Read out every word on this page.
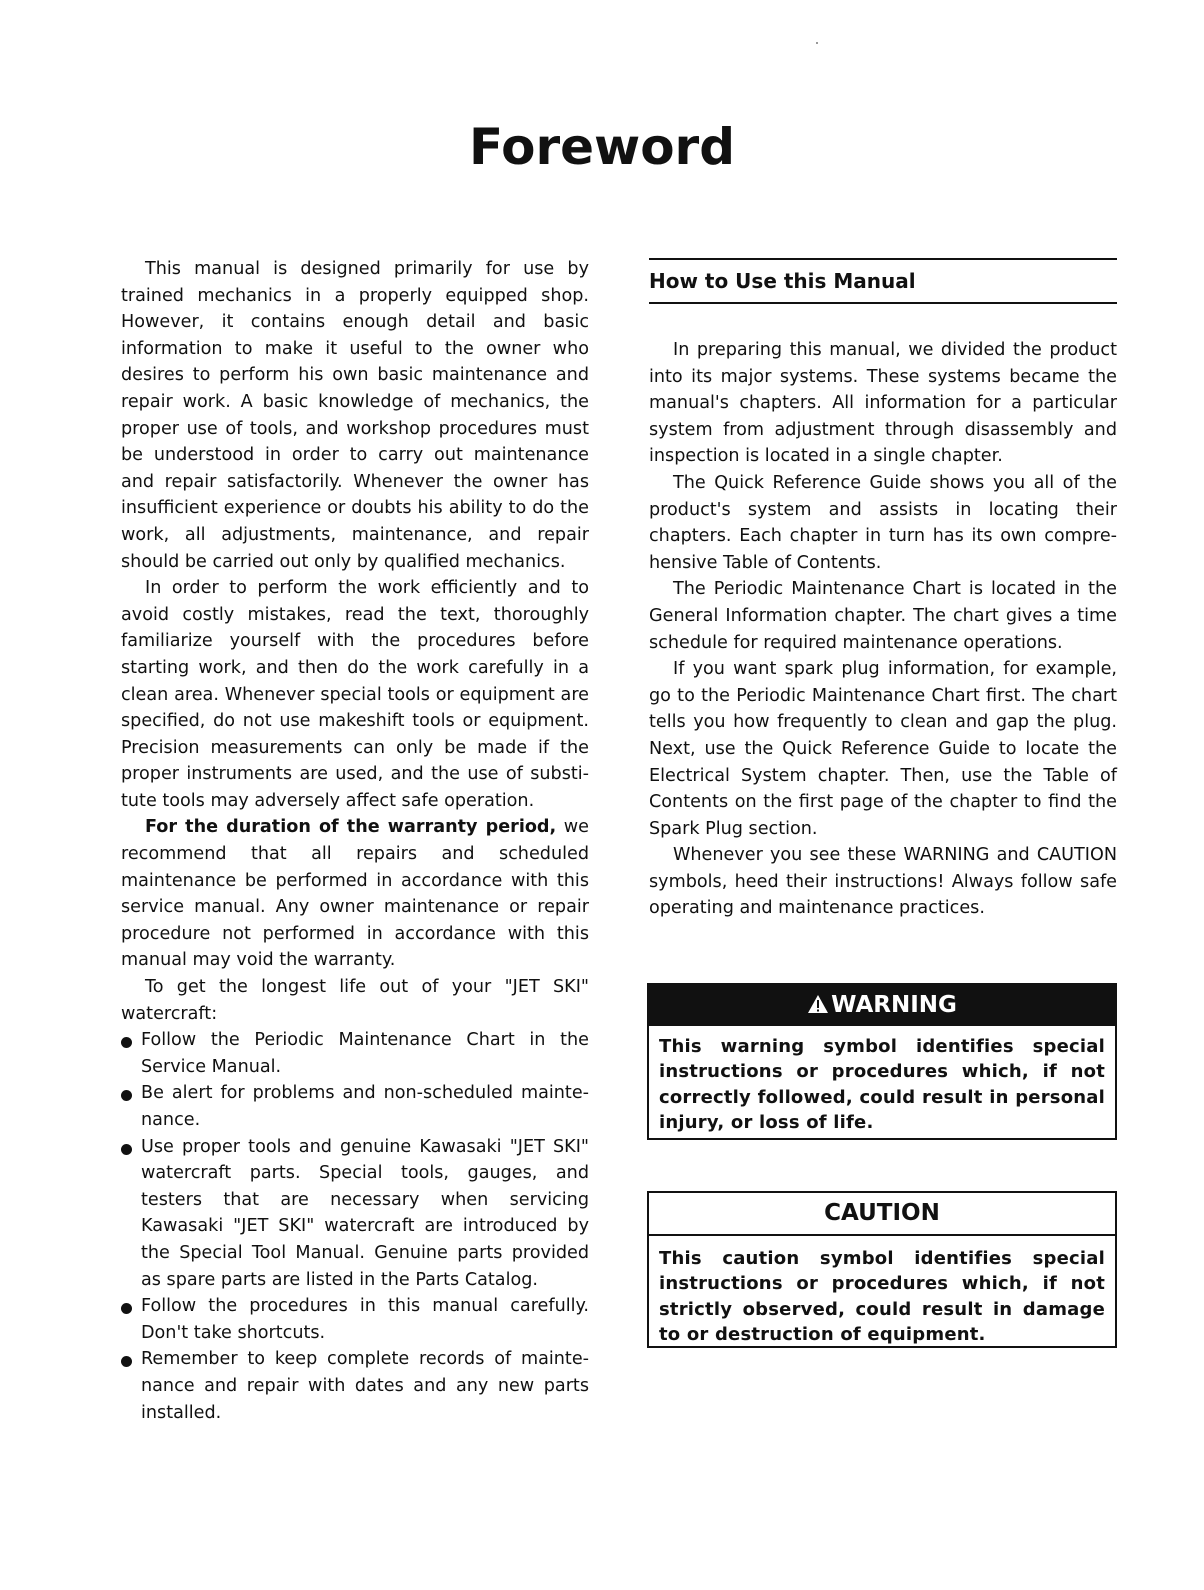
Foreword

This manual is designed primarily for use by trained mechanics in a properly equipped shop. However, it contains enough detail and basic information to make it useful to the owner who desires to perform his own basic maintenance and repair work. A basic knowledge of mechanics, the proper use of tools, and workshop procedures must be understood in order to carry out maintenance and repair satisfactorily. Whenever the owner has insufficient experience or doubts his ability to do the work, all adjustments, maintenance, and repair should be carried out only by qualified mechanics.

In order to perform the work efficiently and to avoid costly mistakes, read the text, thoroughly familiarize yourself with the procedures before starting work, and then do the work carefully in a clean area. Whenever special tools or equipment are specified, do not use makeshift tools or equipment. Precision measurements can only be made if the proper instruments are used, and the use of substi-tute tools may adversely affect safe operation.

For the duration of the warranty period, we recommend that all repairs and scheduled maintenance be performed in accordance with this service manual. Any owner maintenance or repair procedure not performed in accordance with this manual may void the warranty.

To get the longest life out of your "JET SKI" watercraft:

Follow the Periodic Maintenance Chart in the Service Manual.
Be alert for problems and non-scheduled mainte-nance.
Use proper tools and genuine Kawasaki "JET SKI" watercraft parts. Special tools, gauges, and testers that are necessary when servicing Kawasaki "JET SKI" watercraft are introduced by the Special Tool Manual. Genuine parts provided as spare parts are listed in the Parts Catalog.
Follow the procedures in this manual carefully. Don't take shortcuts.
Remember to keep complete records of mainte-nance and repair with dates and any new parts installed.
How to Use this Manual

In preparing this manual, we divided the product into its major systems. These systems became the manual's chapters. All information for a particular system from adjustment through disassembly and inspection is located in a single chapter.

The Quick Reference Guide shows you all of the product's system and assists in locating their chapters. Each chapter in turn has its own compre-hensive Table of Contents.

The Periodic Maintenance Chart is located in the General Information chapter. The chart gives a time schedule for required maintenance operations.

If you want spark plug information, for example, go to the Periodic Maintenance Chart first. The chart tells you how frequently to clean and gap the plug. Next, use the Quick Reference Guide to locate the Electrical System chapter. Then, use the Table of Contents on the first page of the chapter to find the Spark Plug section.

Whenever you see these WARNING and CAUTION symbols, heed their instructions! Always follow safe operating and maintenance practices.

WARNING
This warning symbol identifies special instructions or procedures which, if not correctly followed, could result in personal injury, or loss of life.
CAUTION
This caution symbol identifies special instructions or procedures which, if not strictly observed, could result in damage to or destruction of equipment.
